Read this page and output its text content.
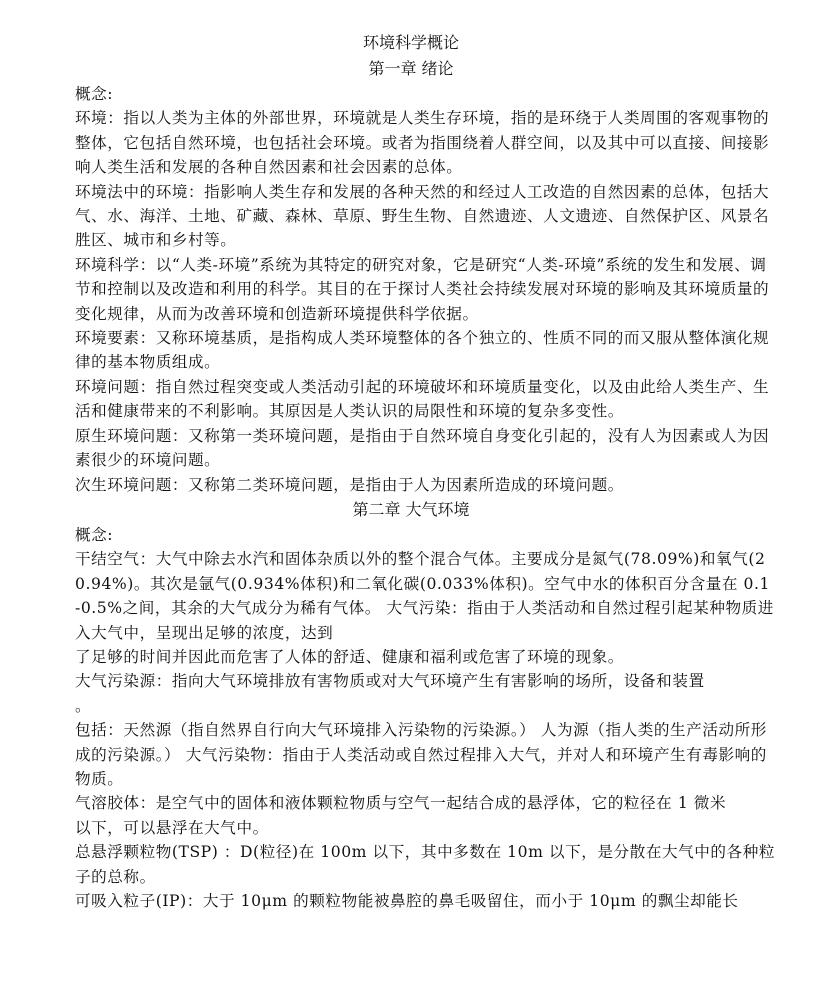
环境科学概论
第一章 绪论
概念:

环境：指以人类为主体的外部世界，环境就是人类生存环境，指的是环绕于人类周围的客观事物的整体，它包括自然环境，也包括社会环境。或者为指围绕着人群空间，以及其中可以直接、间接影响人类生活和发展的各种自然因素和社会因素的总体。

环境法中的环境：指影响人类生存和发展的各种天然的和经过人工改造的自然因素的总体，包括大气、水、海洋、土地、矿藏、森林、草原、野生生物、自然遗迹、人文遗迹、自然保护区、风景名胜区、城市和乡村等。

环境科学：以“人类-环境”系统为其特定的研究对象，它是研究“人类-环境”系统的发生和发展、调节和控制以及改造和利用的科学。其目的在于探讨人类社会持续发展对环境的影响及其环境质量的变化规律，从而为改善环境和创造新环境提供科学依据。

环境要素：又称环境基质，是指构成人类环境整体的各个独立的、性质不同的而又服从整体演化规律的基本物质组成。

环境问题：指自然过程突变或人类活动引起的环境破坏和环境质量变化，以及由此给人类生产、生活和健康带来的不利影响。其原因是人类认识的局限性和环境的复杂多变性。

原生环境问题：又称第一类环境问题，是指由于自然环境自身变化引起的，没有人为因素或人为因素很少的环境问题。

次生环境问题：又称第二类环境问题，是指由于人为因素所造成的环境问题。

第二章 大气环境
概念:

干结空气：大气中除去水汽和固体杂质以外的整个混合气体。主要成分是氮气(78.09%)和氧气(20.94%)。其次是氩气(0.934%体积)和二氧化碳(0.033%体积)。空气中水的体积百分含量在 0.1-0.5%之间，其余的大气成分为稀有气体。 大气污染：指由于人类活动和自然过程引起某种物质进入大气中，呈现出足够的浓度，达到

了足够的时间并因此而危害了人体的舒适、健康和福利或危害了环境的现象。

大气污染源：指向大气环境排放有害物质或对大气环境产生有害影响的场所，设备和装置

。

包括：天然源（指自然界自行向大气环境排入污染物的污染源。） 人为源（指人类的生产活动所形成的污染源。） 大气污染物：指由于人类活动或自然过程排入大气，并对人和环境产生有毒影响的物质。

气溶胶体：是空气中的固体和液体颗粒物质与空气一起结合成的悬浮体，它的粒径在 1 微米

以下，可以悬浮在大气中。

总悬浮颗粒物(TSP) ：D(粒径)在 100m 以下，其中多数在 10m 以下，是分散在大气中的各种粒子的总称。

可吸入粒子(IP)：大于 10μm 的颗粒物能被鼻腔的鼻毛吸留住，而小于 10μm 的飘尘却能长
